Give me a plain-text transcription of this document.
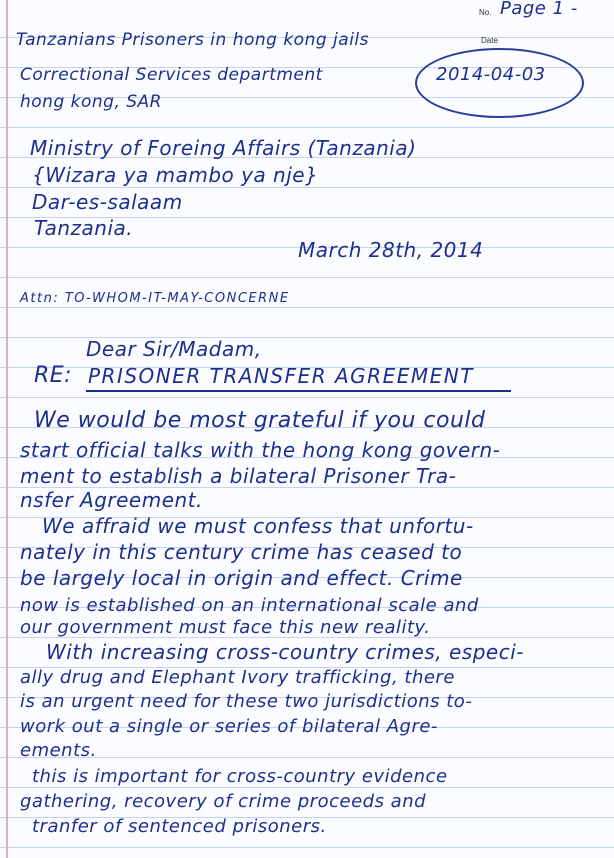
No. Page 1 -
Date
2014-04-03
Tanzanians Prisoners in hong kong jails
Correctional Services department
hong kong, SAR
Ministry of Foreing Affairs (Tanzania)
{Wizara ya mambo ya nje}
Dar-es-salaam
Tanzania.
March 28th, 2014
Attn: TO-WHOM-IT-MAY-CONCERNE
Dear Sir/Madam,
RE: PRISONER TRANSFER AGREEMENT
We would be most grateful if you could
start official talks with the hong kong govern-
ment to establish a bilateral Prisoner Tra-
nsfer Agreement.
We affraid we must confess that unfortu-
nately in this century crime has ceased to
be largely local in origin and effect. Crime
now is established on an international scale and
our government must face this new reality.
With increasing cross-country crimes, especi-
ally drug and Elephant Ivory trafficking, there
is an urgent need for these two jurisdictions to-
work out a single or series of bilateral Agre-
ements.
this is important for cross-country evidence
gathering, recovery of crime proceeds and
tranfer of sentenced prisoners.
